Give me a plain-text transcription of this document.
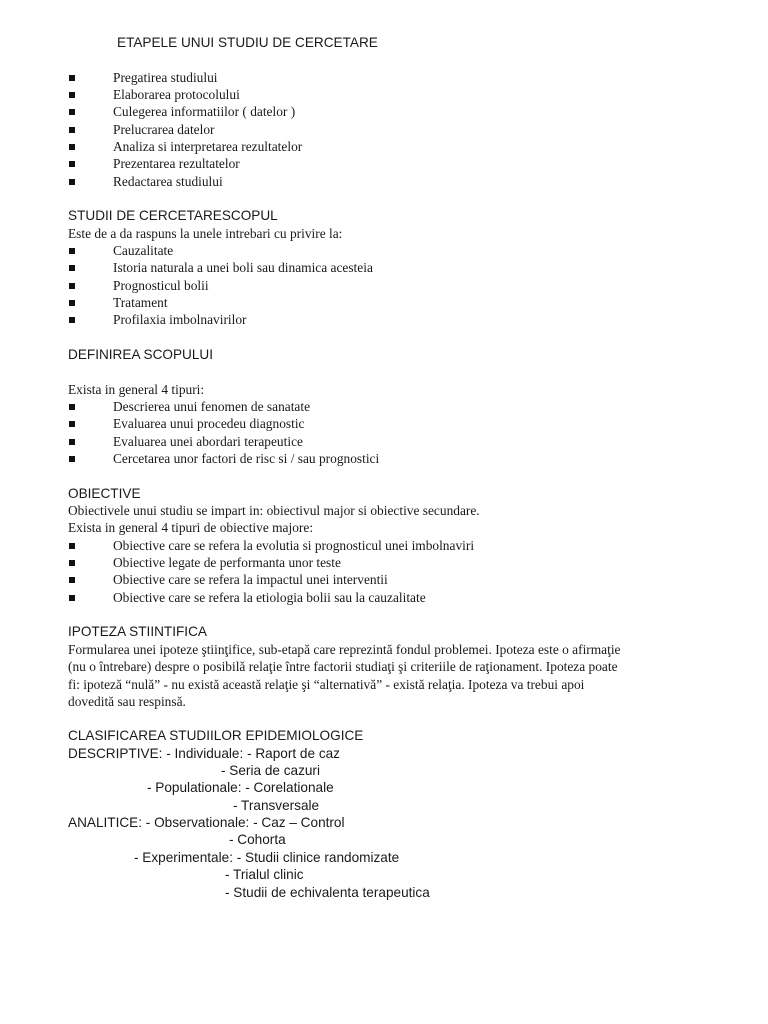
ETAPELE UNUI STUDIU DE CERCETARE
Pregatirea studiului
Elaborarea protocolului
Culegerea informatiilor ( datelor )
Prelucrarea datelor
Analiza si interpretarea rezultatelor
Prezentarea rezultatelor
Redactarea studiului
STUDII DE CERCETARESCOPUL
Este de a da raspuns la unele intrebari cu privire la:
Cauzalitate
Istoria naturala a unei boli sau dinamica acesteia
Prognosticul bolii
Tratament
Profilaxia imbolnavirilor
DEFINIREA SCOPULUI
Exista in general 4 tipuri:
Descrierea unui fenomen de sanatate
Evaluarea unui procedeu diagnostic
Evaluarea unei abordari terapeutice
Cercetarea unor factori de risc si / sau prognostici
OBIECTIVE
Obiectivele unui studiu se impart in: obiectivul major si obiective secundare.
Exista in general 4 tipuri de obiective majore:
Obiective care se refera la evolutia si prognosticul unei imbolnaviri
Obiective legate de performanta unor teste
Obiective care se refera la impactul unei interventii
Obiective care se refera la etiologia bolii sau la cauzalitate
IPOTEZA STIINTIFICA
Formularea unei ipoteze ştiinţifice, sub-etapă care reprezintă fondul problemei. Ipoteza este o afirmaţie
(nu o întrebare) despre o posibilă relaţie între factorii studiaţi şi criteriile de raţionament. Ipoteza poate
fi: ipoteză “nulă” - nu există această relaţie şi “alternativă” - există relaţia. Ipoteza va trebui apoi
dovedită sau respinsă.
CLASIFICAREA STUDIILOR EPIDEMIOLOGICE
DESCRIPTIVE: - Individuale: - Raport de caz
- Seria de cazuri
- Populationale: - Corelationale
- Transversale
ANALITICE: - Observationale: - Caz – Control
- Cohorta
- Experimentale: - Studii clinice randomizate
- Trialul clinic
- Studii de echivalenta terapeutica
